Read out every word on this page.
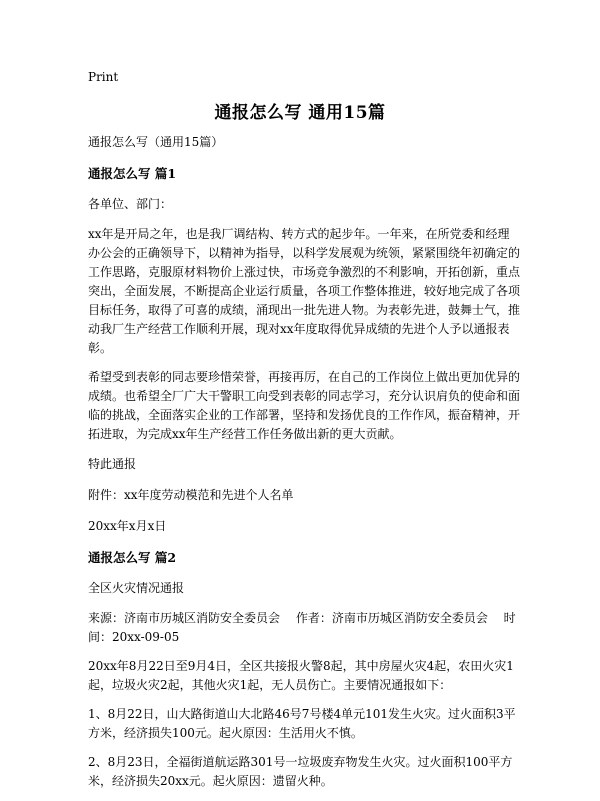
Print
通报怎么写 通用15篇

通报怎么写（通用15篇）

通报怎么写 篇1

各单位、部门：

xx年是开局之年，也是我厂调结构、转方式的起步年。一年来，在所党委和经理办公会的正确领导下，以精神为指导，以科学发展观为统领，紧紧围绕年初确定的工作思路，克服原材料物价上涨过快，市场竞争激烈的不利影响，开拓创新，重点突出，全面发展，不断提高企业运行质量，各项工作整体推进，较好地完成了各项目标任务，取得了可喜的成绩，涌现出一批先进人物。为表彰先进，鼓舞士气，推动我厂生产经营工作顺利开展，现对xx年度取得优异成绩的先进个人予以通报表彰。

希望受到表彰的同志要珍惜荣誉，再接再厉，在自己的工作岗位上做出更加优异的成绩。也希望全厂广大干警职工向受到表彰的同志学习，充分认识肩负的使命和面临的挑战，全面落实企业的工作部署，坚持和发扬优良的工作作风，振奋精神，开拓进取，为完成xx年生产经营工作任务做出新的更大贡献。

特此通报

附件：xx年度劳动模范和先进个人名单

20xx年x月x日

通报怎么写 篇2

全区火灾情况通报

来源：济南市历城区消防安全委员会　 作者：济南市历城区消防安全委员会　 时间：20xx-09-05

20xx年8月22日至9月4日，全区共接报火警8起，其中房屋火灾4起，农田火灾1起，垃圾火灾2起，其他火灾1起，无人员伤亡。主要情况通报如下：

1、8月22日，山大路街道山大北路46号7号楼4单元101发生火灾。过火面积3平方米，经济损失100元。起火原因：生活用火不慎。

2、8月23日，全福街道航运路301号一垃圾废弃物发生火灾。过火面积100平方米，经济损失20xx元。起火原因：遗留火种。
